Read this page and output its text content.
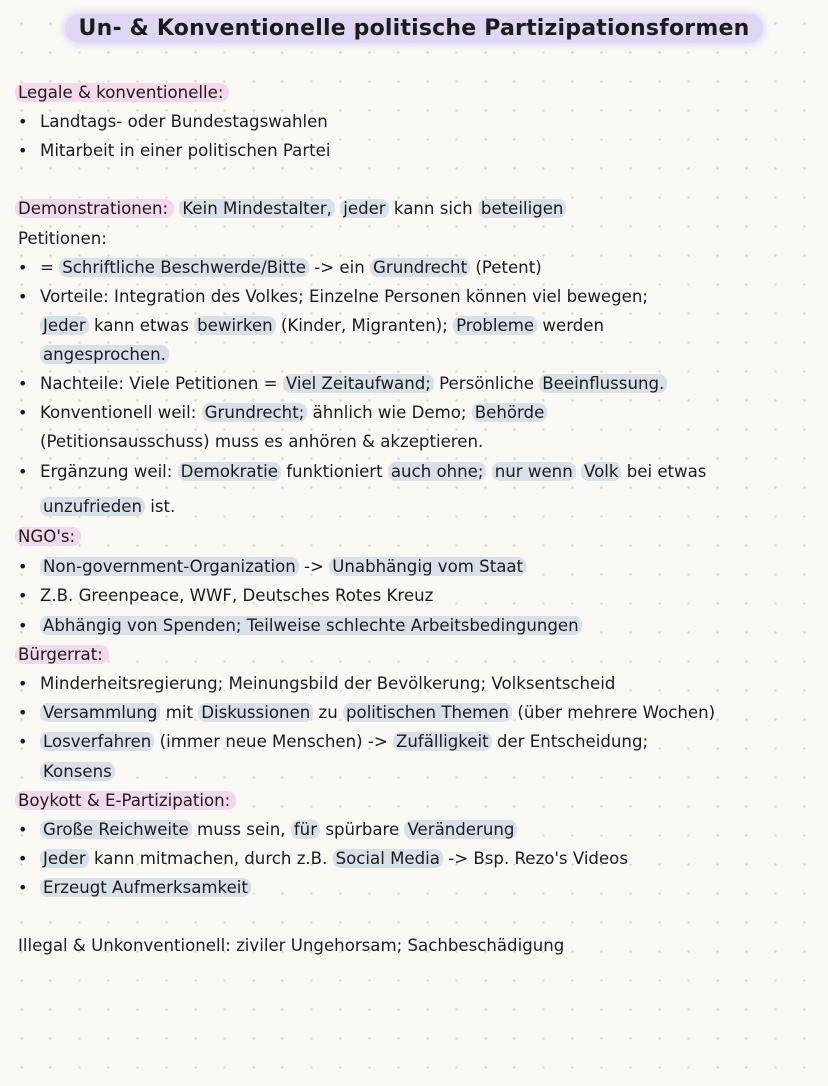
Un- & Konventionelle politische Partizipationsformen
Legale & konventionelle:
• Landtags- oder Bundestagswahlen
• Mitarbeit in einer politischen Partei
Demonstrationen: Kein Mindestalter, jeder kann sich beteiligen
Petitionen:
• = Schriftliche Beschwerde/Bitte -> ein Grundrecht (Petent)
• Vorteile: Integration des Volkes; Einzelne Personen können viel bewegen;
Jeder kann etwas bewirken (Kinder, Migranten); Probleme werden
angesprochen.
• Nachteile: Viele Petitionen = Viel Zeitaufwand; Persönliche Beeinflussung.
• Konventionell weil: Grundrecht; ähnlich wie Demo; Behörde
(Petitionsausschuss) muss es anhören & akzeptieren.
• Ergänzung weil: Demokratie funktioniert auch ohne; nur wenn Volk bei etwas
unzufrieden ist.
NGO's:
• Non-government-Organization -> Unabhängig vom Staat
• Z.B. Greenpeace, WWF, Deutsches Rotes Kreuz
• Abhängig von Spenden; Teilweise schlechte Arbeitsbedingungen
Bürgerrat:
• Minderheitsregierung; Meinungsbild der Bevölkerung; Volksentscheid
• Versammlung mit Diskussionen zu politischen Themen (über mehrere Wochen)
• Losverfahren (immer neue Menschen) -> Zufälligkeit der Entscheidung;
Konsens
Boykott & E-Partizipation:
• Große Reichweite muss sein, für spürbare Veränderung
• Jeder kann mitmachen, durch z.B. Social Media -> Bsp. Rezo's Videos
• Erzeugt Aufmerksamkeit
Illegal & Unkonventionell: ziviler Ungehorsam; Sachbeschädigung
